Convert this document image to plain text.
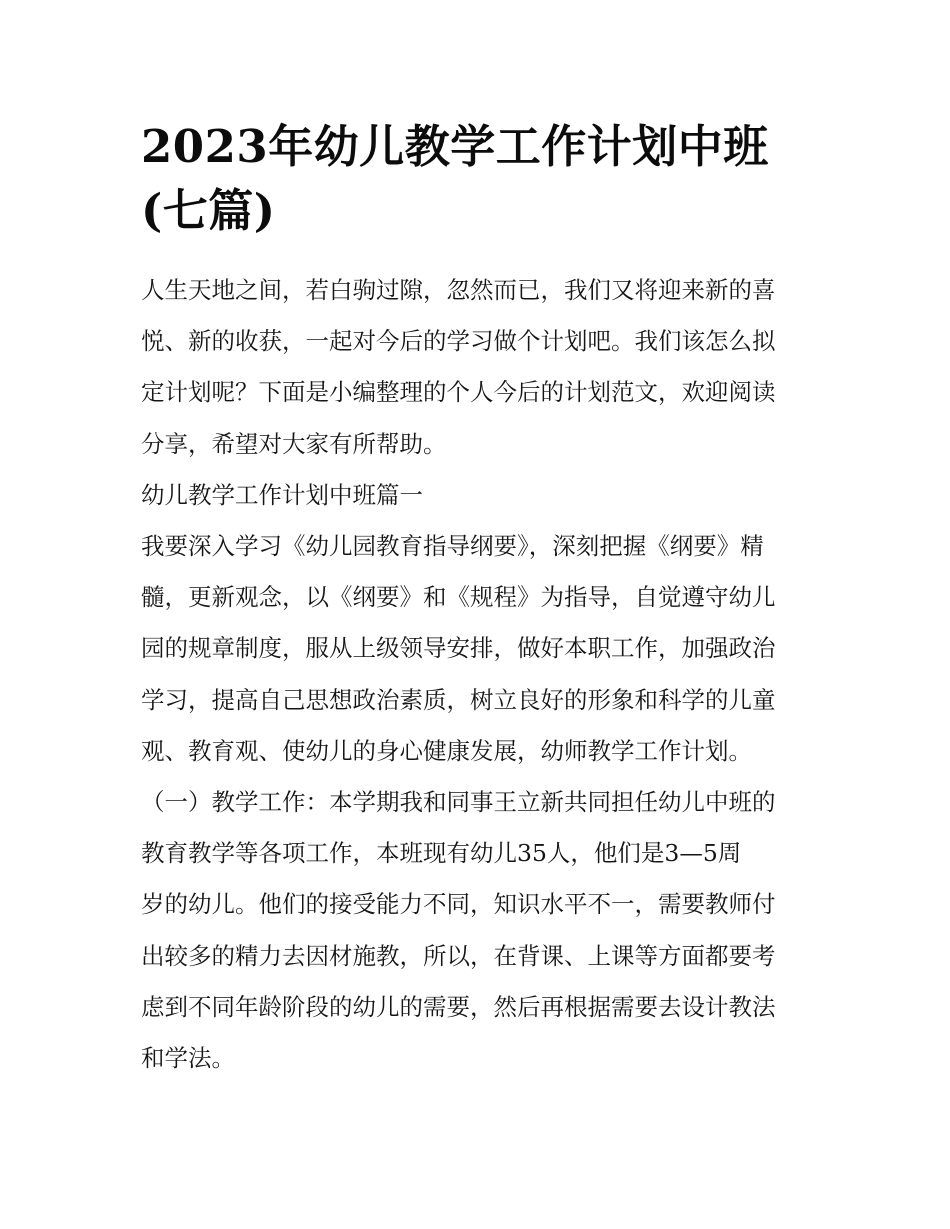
2023年幼儿教学工作计划中班
(七篇)
人生天地之间，若白驹过隙，忽然而已，我们又将迎来新的喜
悦、新的收获，一起对今后的学习做个计划吧。我们该怎么拟
定计划呢？下面是小编整理的个人今后的计划范文，欢迎阅读
分享，希望对大家有所帮助。
幼儿教学工作计划中班篇一
我要深入学习《幼儿园教育指导纲要》，深刻把握《纲要》精
髓，更新观念，以《纲要》和《规程》为指导，自觉遵守幼儿
园的规章制度，服从上级领导安排，做好本职工作，加强政治
学习，提高自己思想政治素质，树立良好的形象和科学的儿童
观、教育观、使幼儿的身心健康发展，幼师教学工作计划。
（一）教学工作：本学期我和同事王立新共同担任幼儿中班的
教育教学等各项工作，本班现有幼儿35人，他们是3—5周
岁的幼儿。他们的接受能力不同，知识水平不一，需要教师付
出较多的精力去因材施教，所以，在背课、上课等方面都要考
虑到不同年龄阶段的幼儿的需要，然后再根据需要去设计教法
和学法。
